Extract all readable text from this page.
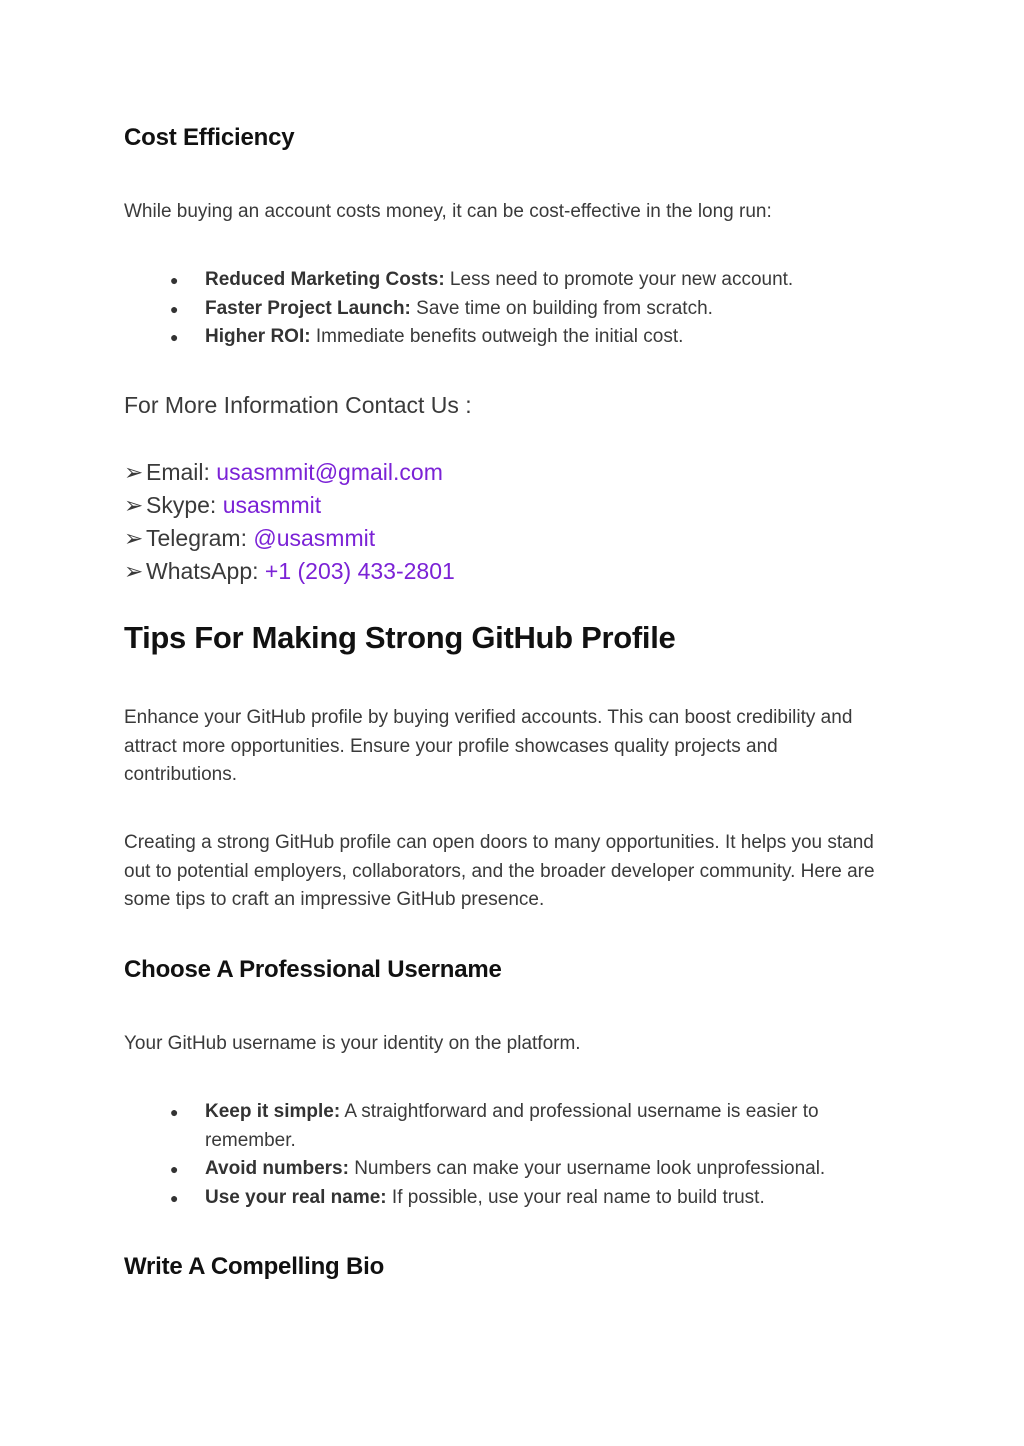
Cost Efficiency

While buying an account costs money, it can be cost-effective in the long run:

● Reduced Marketing Costs: Less need to promote your new account.
● Faster Project Launch: Save time on building from scratch.
● Higher ROI: Immediate benefits outweigh the initial cost.

For More Information Contact Us :

➢ Email: usasmmit@gmail.com

➢ Skype: usasmmit

➢ Telegram: @usasmmit

➢ WhatsApp: +1 (203) 433-2801

Tips For Making Strong GitHub Profile

Enhance your GitHub profile by buying verified accounts. This can boost credibility and attract more opportunities. Ensure your profile showcases quality projects and contributions.

Creating a strong GitHub profile can open doors to many opportunities. It helps you stand out to potential employers, collaborators, and the broader developer community. Here are some tips to craft an impressive GitHub presence.

Choose A Professional Username

Your GitHub username is your identity on the platform.

● Keep it simple: A straightforward and professional username is easier to remember.
● Avoid numbers: Numbers can make your username look unprofessional.
● Use your real name: If possible, use your real name to build trust.
Write A Compelling Bio
